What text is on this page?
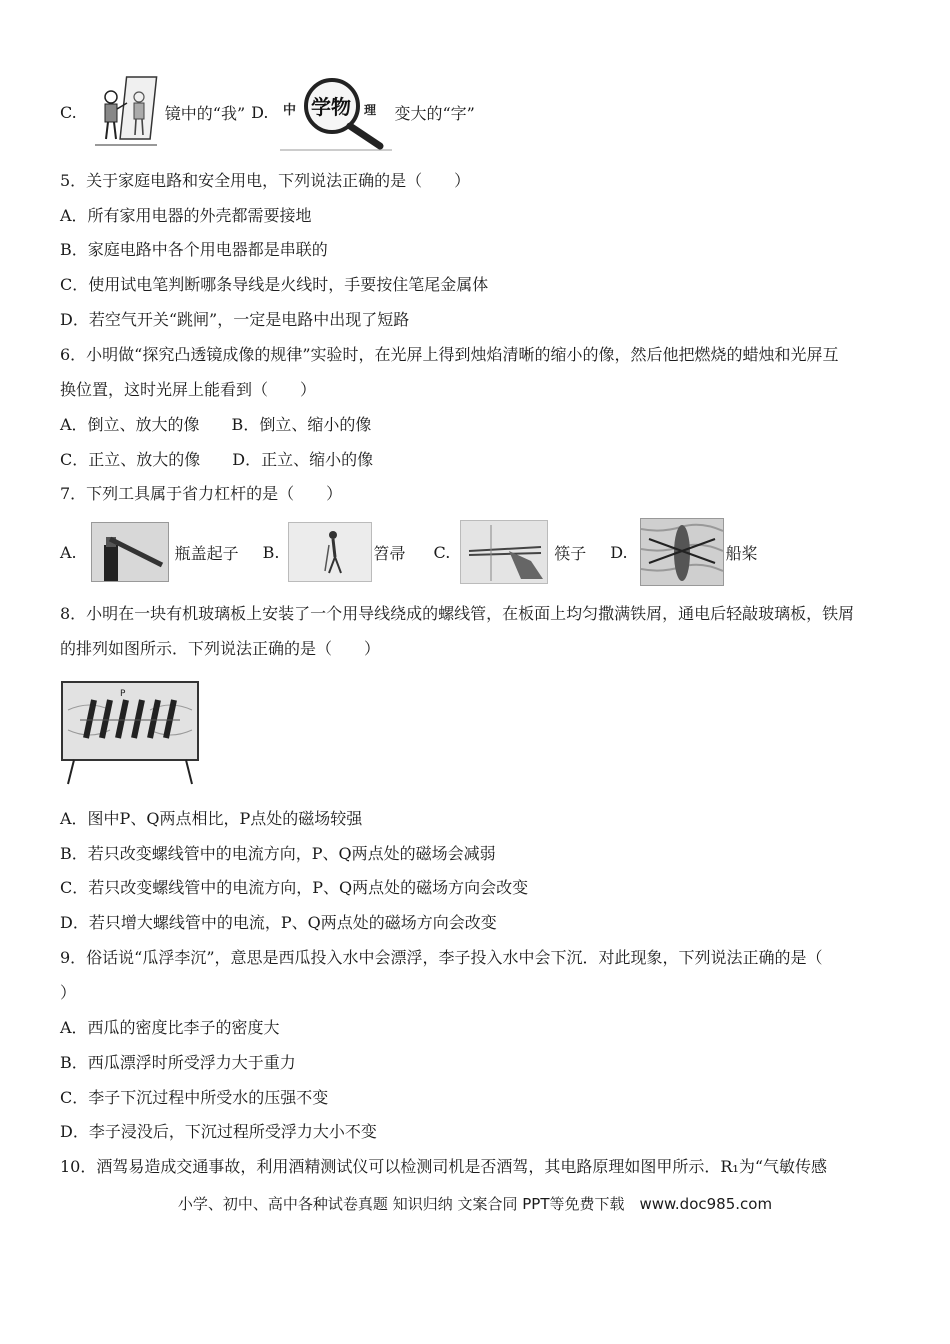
C.	镜中的“我” D. 中 学物 理 变大的“字”
5．关于家庭电路和安全用电，下列说法正确的是（　　）
A．所有家用电器的外壳都需要接地
B．家庭电路中各个用电器都是串联的
C．使用试电笔判断哪条导线是火线时，手要按住笔尾金属体
D．若空气开关“跳闸”，一定是电路中出现了短路
6．小明做“探究凸透镜成像的规律”实验时，在光屏上得到烛焰清晰的缩小的像，然后他把燃烧的蜡烛和光屏互
换位置，这时光屏上能看到（　　）
A．倒立、放大的像　　B．倒立、缩小的像
C．正立、放大的像　　D．正立、缩小的像
7．下列工具属于省力杠杆的是（　　）
A.	瓶盖起子 B.	笤帚 C.	筷子 D.	船桨
8．小明在一块有机玻璃板上安装了一个用导线绕成的螺线管，在板面上均匀撒满铁屑，通电后轻敲玻璃板，铁屑
的排列如图所示．下列说法正确的是（　　）
P
A．图中P、Q两点相比，P点处的磁场较强
B．若只改变螺线管中的电流方向，P、Q两点处的磁场会减弱
C．若只改变螺线管中的电流方向，P、Q两点处的磁场方向会改变
D．若只增大螺线管中的电流，P、Q两点处的磁场方向会改变
9．俗话说“瓜浮李沉”，意思是西瓜投入水中会漂浮，李子投入水中会下沉．对此现象，下列说法正确的是（
）
A．西瓜的密度比李子的密度大
B．西瓜漂浮时所受浮力大于重力
C．李子下沉过程中所受水的压强不变
D．李子浸没后，下沉过程所受浮力大小不变
10．酒驾易造成交通事故，利用酒精测试仪可以检测司机是否酒驾，其电路原理如图甲所示．R₁为“气敏传感
小学、初中、高中各种试卷真题 知识归纳 文案合同 PPT等免费下载　www.doc985.com
